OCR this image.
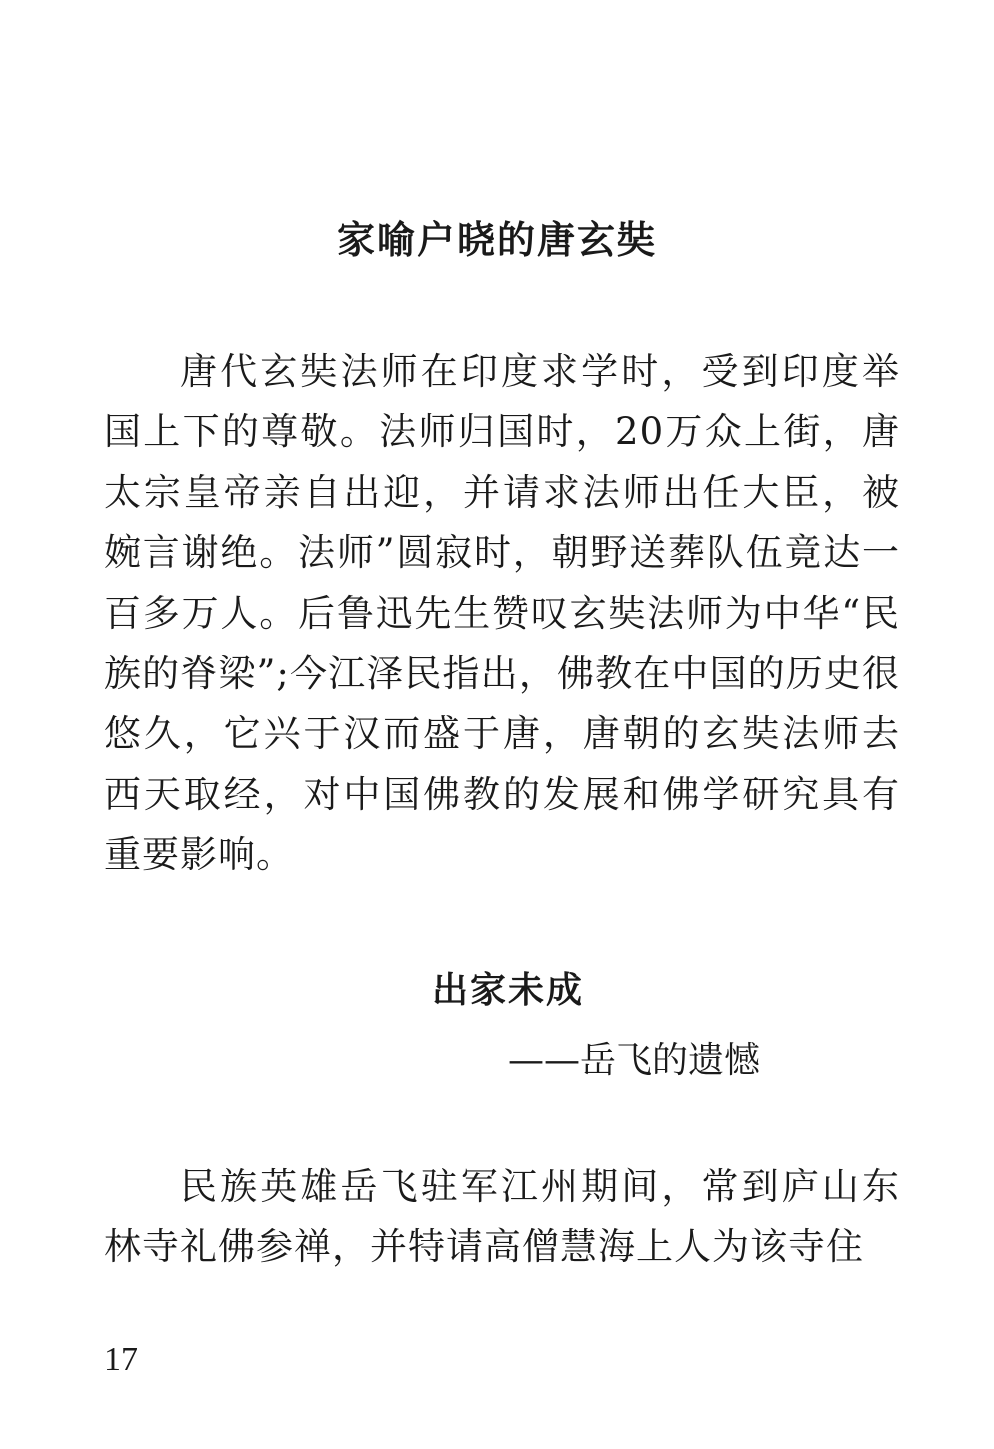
家喻户晓的唐玄奘

唐代玄奘法师在印度求学时，受到印度举国上下的尊敬。法师归国时，20万众上街，唐太宗皇帝亲自出迎，并请求法师出任大臣，被婉言谢绝。法师”圆寂时，朝野送葬队伍竟达一百多万人。后鲁迅先生赞叹玄奘法师为中华“民族的脊梁”;今江泽民指出，佛教在中国的历史很悠久，它兴于汉而盛于唐，唐朝的玄奘法师去西天取经，对中国佛教的发展和佛学研究具有重要影响。

出家未成

——岳飞的遗憾

民族英雄岳飞驻军江州期间，常到庐山东林寺礼佛参禅，并特请高僧慧海上人为该寺住

17
